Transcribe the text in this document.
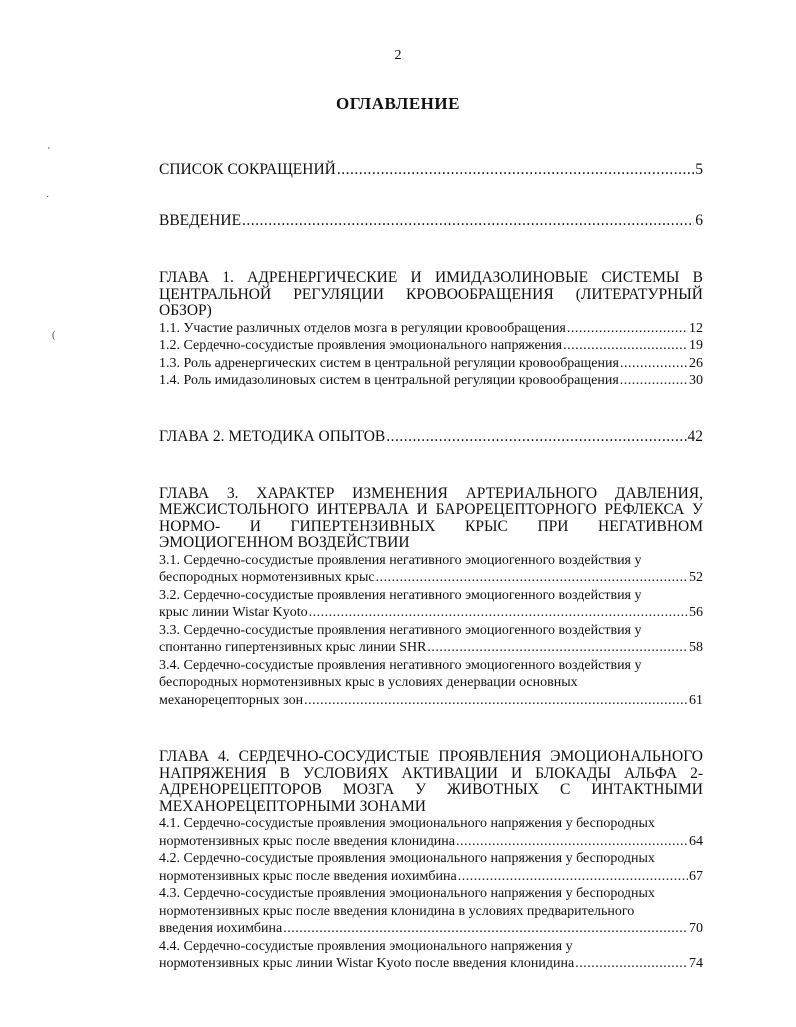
2
ОГЛАВЛЕНИЕ
'
·
(
СПИСОК СОКРАЩЕНИЙ .....	5
ВВЕДЕНИЕ .....	6
ГЛАВА 1. АДРЕНЕРГИЧЕСКИЕ И ИМИДАЗОЛИНОВЫЕ СИСТЕМЫ В ЦЕНТРАЛЬНОЙ РЕГУЛЯЦИИ КРОВООБРАЩЕНИЯ (ЛИТЕРАТУРНЫЙ ОБЗОР)
1.1. Участие различных отделов мозга в регуляции кровообращения .....	12
1.2. Сердечно-сосудистые проявления эмоционального напряжения .....	19
1.3. Роль адренергических систем в центральной регуляции кровообращения .....	26
1.4. Роль имидазолиновых систем в центральной регуляции кровообращения .....	30
ГЛАВА 2. МЕТОДИКА ОПЫТОВ .....	42
ГЛАВА 3. ХАРАКТЕР ИЗМЕНЕНИЯ АРТЕРИАЛЬНОГО ДАВЛЕНИЯ, МЕЖСИСТОЛЬНОГО ИНТЕРВАЛА И БАРОРЕЦЕПТОРНОГО РЕФЛЕКСА У НОРМО- И ГИПЕРТЕНЗИВНЫХ КРЫС ПРИ НЕГАТИВНОМ ЭМОЦИОГЕННОМ ВОЗДЕЙСТВИИ
3.1. Сердечно-сосудистые проявления негативного эмоциогенного воздействия у
беспородных нормотензивных крыс .....	52
3.2. Сердечно-сосудистые проявления негативного эмоциогенного воздействия у
крыс линии Wistar Kyoto .....	56
3.3. Сердечно-сосудистые проявления негативного эмоциогенного воздействия у
спонтанно гипертензивных крыс линии SHR .....	58
3.4. Сердечно-сосудистые проявления негативного эмоциогенного воздействия у
беспородных нормотензивных крыс в условиях денервации основных
механорецепторных зон .....	61
ГЛАВА 4. СЕРДЕЧНО-СОСУДИСТЫЕ ПРОЯВЛЕНИЯ ЭМОЦИОНАЛЬНОГО НАПРЯЖЕНИЯ В УСЛОВИЯХ АКТИВАЦИИ И БЛОКАДЫ АЛЬФА 2-АДРЕНОРЕЦЕПТОРОВ МОЗГА У ЖИВОТНЫХ С ИНТАКТНЫМИ МЕХАНОРЕЦЕПТОРНЫМИ ЗОНАМИ
4.1. Сердечно-сосудистые проявления эмоционального напряжения у беспородных
нормотензивных крыс после введения клонидина .....	64
4.2. Сердечно-сосудистые проявления эмоционального напряжения у беспородных
нормотензивных крыс после введения иохимбина .....	67
4.3. Сердечно-сосудистые проявления эмоционального напряжения у беспородных
нормотензивных крыс после введения клонидина в условиях предварительного
введения иохимбина .....	70
4.4. Сердечно-сосудистые проявления эмоционального напряжения у
нормотензивных крыс линии Wistar Kyoto после введения клонидина .....	74
